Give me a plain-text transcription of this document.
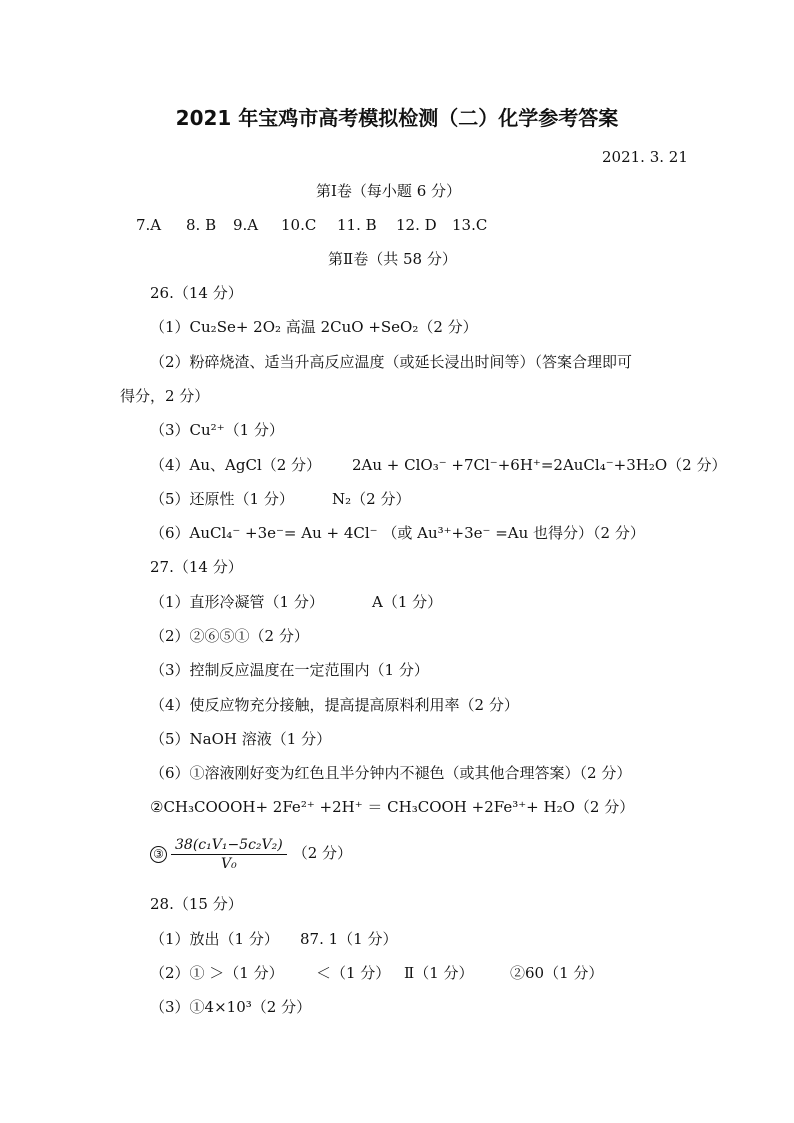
2021 年宝鸡市高考模拟检测（二）化学参考答案
2021. 3. 21
第Ⅰ卷（每小题 6 分）
7.A 8. B 9.A 10.C 11. B 12. D 13.C
第Ⅱ卷（共 58 分）
26.（14 分）
（1）Cu₂Se+ 2O₂ 高温 2CuO +SeO₂（2 分）
（2）粉碎烧渣、适当升高反应温度（或延长浸出时间等）（答案合理即可
得分，2 分）
（3）Cu²⁺（1 分）
（4）Au、AgCl（2 分） 2Au + ClO₃⁻ +7Cl⁻+6H⁺=2AuCl₄⁻+3H₂O（2 分）
（5）还原性（1 分）	N₂（2 分）
（6）AuCl₄⁻ +3e⁻= Au + 4Cl⁻ （或 Au³⁺+3e⁻ =Au 也得分）（2 分）
27.（14 分）
（1）直形冷凝管（1 分）	A（1 分）
（2）②⑥⑤①（2 分）
（3）控制反应温度在一定范围内（1 分）
（4）使反应物充分接触，提高提高原料利用率（2 分）
（5）NaOH 溶液（1 分）
（6）①溶液刚好变为红色且半分钟内不褪色（或其他合理答案）（2 分）
②CH₃COOOH+ 2Fe²⁺ +2H⁺ ＝ CH₃COOH +2Fe³⁺+ H₂O（2 分）
③ $\frac{\text{38(c₁V₁−5c₂V₂)}}{\text{V₀}} (2$ 分）
28.（15 分）
（1）放出（1 分） 87. 1（1 分）
（2）① ＞（1 分） ＜（1 分） Ⅱ（1 分） ②60（1 分）
（3）①4×10³（2 分）
